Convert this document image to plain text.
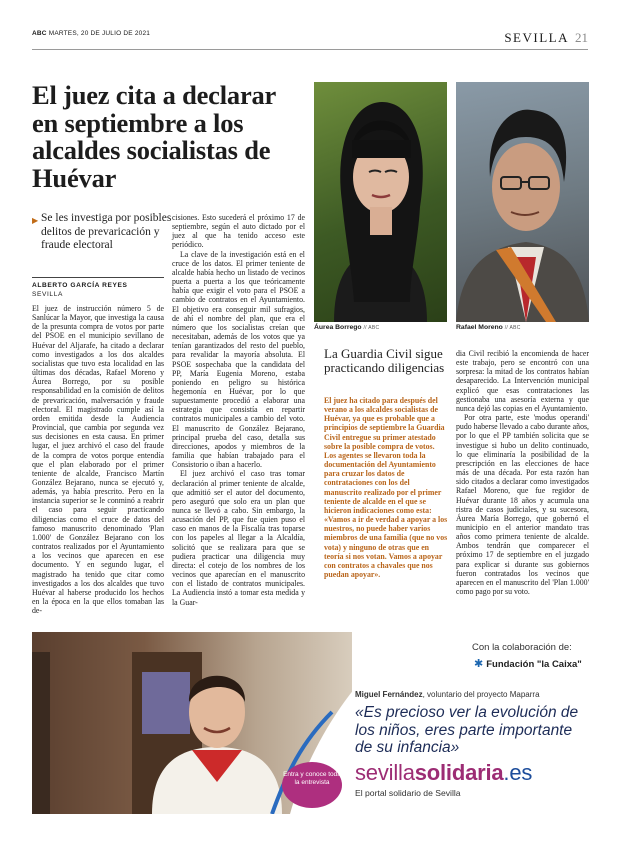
ABC MARTES, 20 DE JULIO DE 2021	SEVILLA 21
El juez cita a declarar en septiembre a los alcaldes socialistas de Huévar
▶ Se les investiga por posibles delitos de prevaricación y fraude electoral
ALBERTO GARCÍA REYES
SEVILLA
El juez de instrucción número 5 de Sanlúcar la Mayor, que investiga la causa de la presunta compra de votos por parte del PSOE en el municipio sevillano de Huévar del Aljarafe, ha citado a declarar como investigados a los dos alcaldes socialistas que tuvo esta localidad en las últimas dos décadas, Rafael Moreno y Áurea Borrego, por su posible responsabilidad en la comisión de delitos de prevaricación, malversación y fraude electoral. El magistrado cumple así la orden emitida desde la Audiencia Provincial, que cambia por segunda vez sus decisiones en esta causa. En primer lugar, el juez archivó el caso del fraude de la compra de votos porque entendía que el plan elaborado por el primer teniente de alcalde, Francisco Martín González Bejarano, nunca se ejecutó y, además, ya había prescrito. Pero en la instancia superior se le conminó a reabrir el caso para seguir practicando diligencias como el cruce de datos del famoso manuscrito denominado 'Plan 1.000' de González Bejarano con los contratos realizados por el Ayuntamiento a los vecinos que aparecen en ese documento. Y en segundo lugar, el magistrado ha tenido que citar como investigados a los dos alcaldes que tuvo Huévar al haberse producido los hechos en la época en la que ellos tomaban las de-

cisiones. Esto sucederá el próximo 17 de septiembre, según el auto dictado por el juez al que ha tenido acceso este periódico.

La clave de la investigación está en el cruce de los datos. El primer teniente de alcalde había hecho un listado de vecinos puerta a puerta a los que teóricamente había que exigir el voto para el PSOE a cambio de contratos en el Ayuntamiento. El objetivo era conseguir mil sufragios, de ahí el nombre del plan, que era el número que los socialistas creían que necesitaban, además de los votos que ya tenían garantizados del resto del pueblo, para revalidar la mayoría absoluta. El PSOE sospechaba que la candidata del PP, María Eugenia Moreno, estaba poniendo en peligro su histórica hegemonía en Huévar, por lo que supuestamente procedió a elaborar una estrategia que consistía en repartir contratos municipales a cambio del voto. El manuscrito de González Bejarano, principal prueba del caso, detalla sus direcciones, apodos y miembros de la familia que habían trabajado para el Consistorio o iban a hacerlo.

El juez archivó el caso tras tomar declaración al primer teniente de alcalde, que admitió ser el autor del documento, pero aseguró que solo era un plan que nunca se llevó a cabo. Sin embargo, la acusación del PP, que fue quien puso el caso en manos de la Fiscalía tras toparse con los papeles al llegar a la Alcaldía, solicitó que se realizara para que se pudiera practicar una diligencia muy directa: el cotejo de los nombres de los vecinos que aparecían en el manuscrito con el listado de contratos municipales. La Audiencia instó a tomar esta medida y la Guar-

Áurea Borrego // ABC	Rafael Moreno // ABC
La Guardia Civil sigue practicando diligencias
El juez ha citado para después del verano a los alcaldes socialistas de Huévar, ya que es probable que a principios de septiembre la Guardia Civil entregue su primer atestado sobre la posible compra de votos. Los agentes se llevaron toda la documentación del Ayuntamiento para cruzar los datos de contrataciones con los del manuscrito realizado por el primer teniente de alcalde en el que se hicieron indicaciones como esta: «Vamos a ir de verdad a apoyar a los nuestros, no puede haber varios miembros de una familia (que no vos vota) y ninguno de otras que en teoría si nos votan. Vamos a apoyar con contratos a chavales que nos puedan apoyar».

dia Civil recibió la encomienda de hacer este trabajo, pero se encontró con una sorpresa: la mitad de los contratos habían desaparecido. La Intervención municipal explicó que esas contrataciones las gestionaba una asesoría externa y que nunca dejó las copias en el Ayuntamiento.

Por otra parte, este 'modus operandi' pudo haberse llevado a cabo durante años, por lo que el PP también solicita que se investigue si hubo un delito continuado, lo que eliminaría la posibilidad de la prescripción en las elecciones de hace más de una década. Por esta razón han sido citados a declarar como investigados Rafael Moreno, que fue regidor de Huévar durante 18 años y acumula una ristra de casos judiciales, y su sucesora, Áurea María Borrego, que gobernó el municipio en el anterior mandato tras años como primera teniente de alcalde. Ambos tendrán que comparecer el próximo 17 de septiembre en el juzgado para explicar si durante sus gobiernos fueron contratados los vecinos que aparecen en el manuscrito del 'Plan 1.000' como pago por su voto.

Con la colaboración de:
✱ Fundación "la Caixa"
Miguel Fernández, voluntario del proyecto Maparra
«Es precioso ver la evolución de los niños, eres parte importante de su infancia»
sevillasolidaria.es
El portal solidario de Sevilla
Entra y conoce toda la entrevista
